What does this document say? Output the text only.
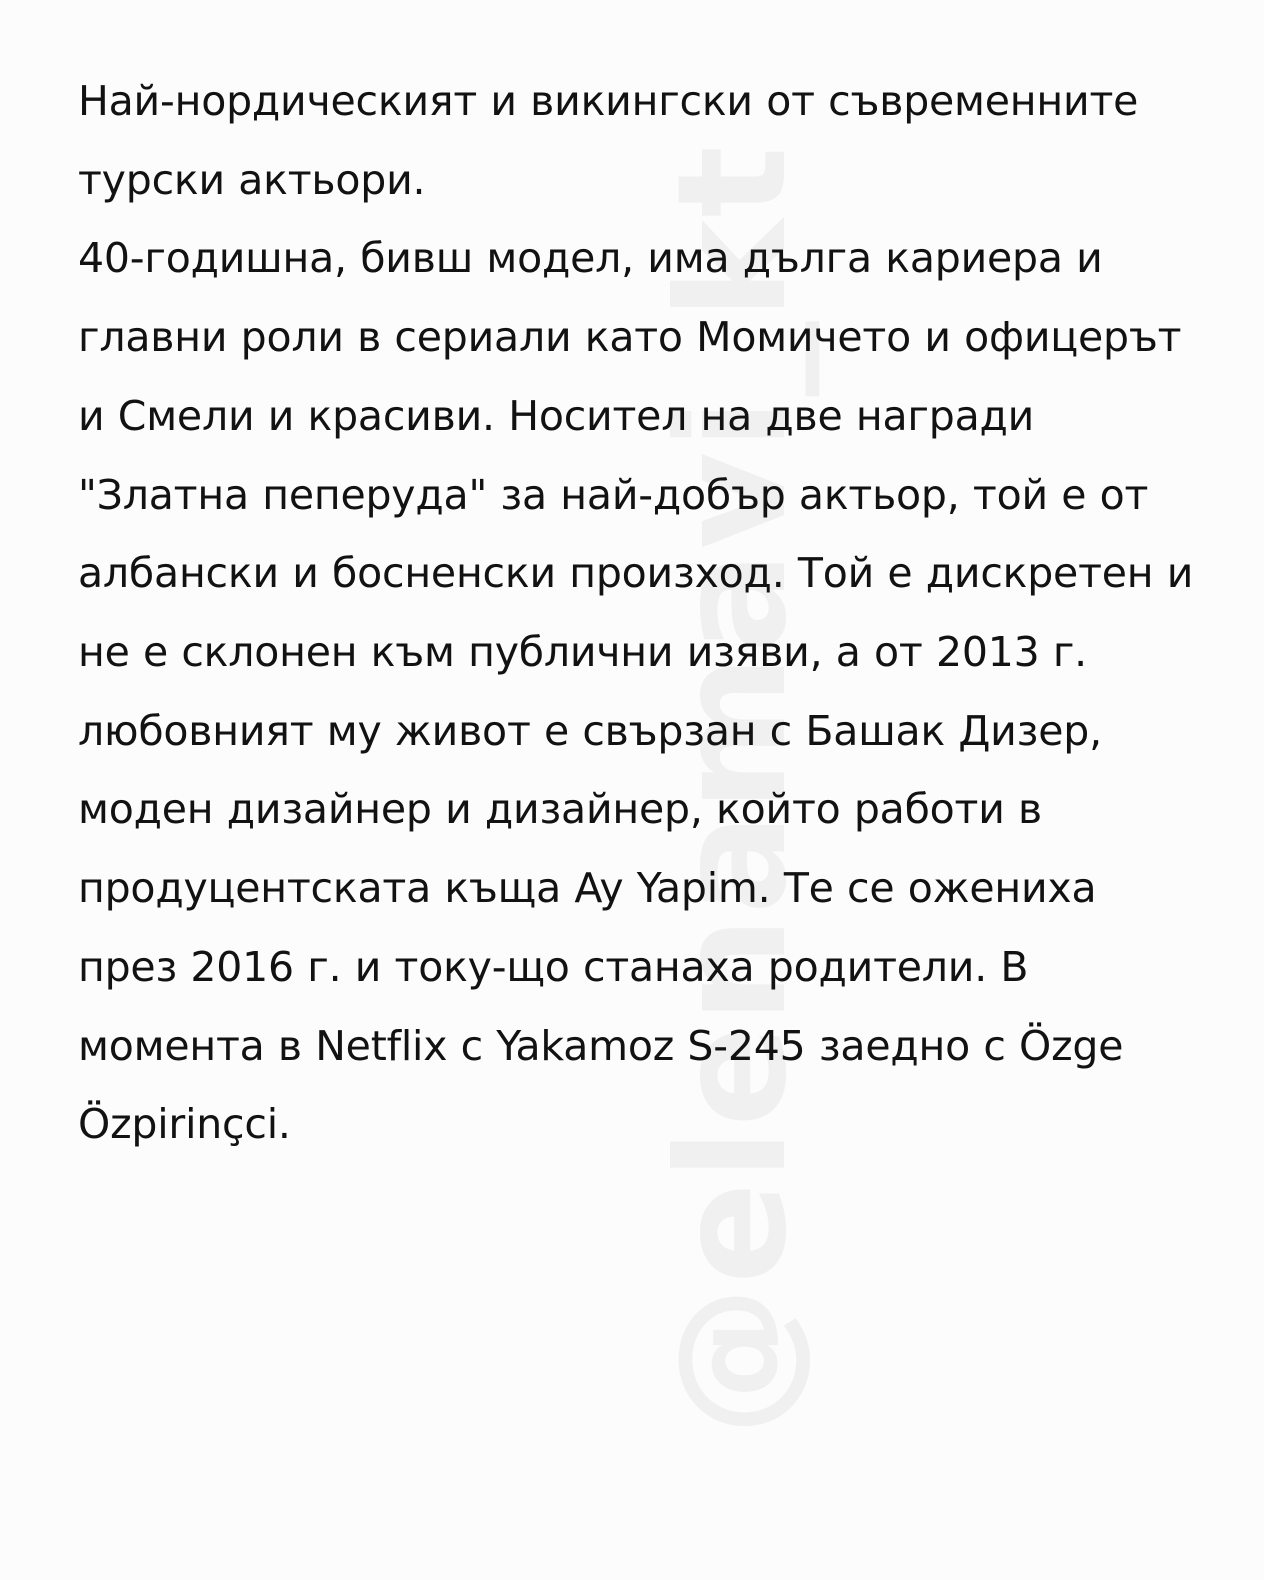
@elenamavi_kt

Най-нордическият и викингски от съвременните турски актьори.

40-годишна, бивш модел, има дълга кариера и главни роли в сериали като Момичето и офицерът и Смели и красиви. Носител на две награди "Златна пеперуда" за най-добър актьор, той е от албански и босненски произход. Той е дискретен и не е склонен към публични изяви, а от 2013 г. любовният му живот е свързан с Башак Дизер, моден дизайнер и дизайнер, който работи в продуцентската къща Ay Yapim. Те се ожениха през 2016 г. и току-що станаха родители. В момента в Netflix с Yakamoz S-245 заедно с Özge Özpirinçci.
